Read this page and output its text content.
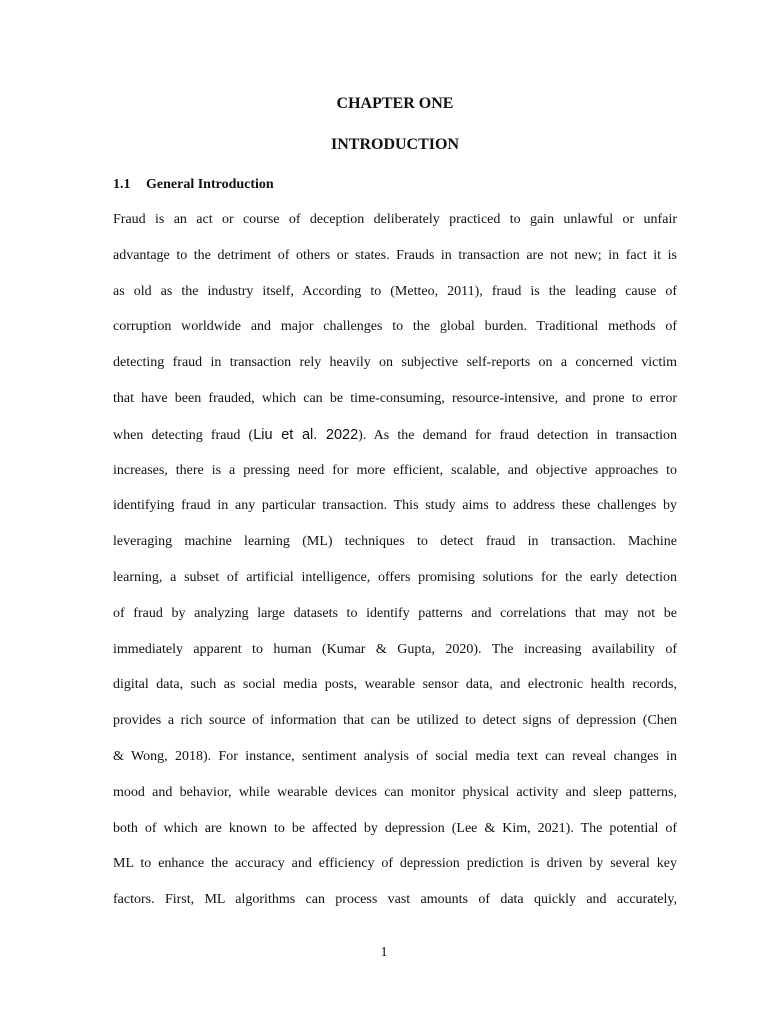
CHAPTER ONE
INTRODUCTION
1.1 General Introduction
Fraud is an act or course of deception deliberately practiced to gain unlawful or unfair
advantage to the detriment of others or states. Frauds in transaction are not new; in fact it is
as old as the industry itself, According to (Metteo, 2011), fraud is the leading cause of
corruption worldwide and major challenges to the global burden. Traditional methods of
detecting fraud in transaction rely heavily on subjective self-reports on a concerned victim
that have been frauded, which can be time-consuming, resource-intensive, and prone to error
when detecting fraud (Liu et al. 2022). As the demand for fraud detection in transaction
increases, there is a pressing need for more efficient, scalable, and objective approaches to
identifying fraud in any particular transaction. This study aims to address these challenges by
leveraging machine learning (ML) techniques to detect fraud in transaction. Machine
learning, a subset of artificial intelligence, offers promising solutions for the early detection
of fraud by analyzing large datasets to identify patterns and correlations that may not be
immediately apparent to human (Kumar & Gupta, 2020). The increasing availability of
digital data, such as social media posts, wearable sensor data, and electronic health records,
provides a rich source of information that can be utilized to detect signs of depression (Chen
& Wong, 2018). For instance, sentiment analysis of social media text can reveal changes in
mood and behavior, while wearable devices can monitor physical activity and sleep patterns,
both of which are known to be affected by depression (Lee & Kim, 2021). The potential of
ML to enhance the accuracy and efficiency of depression prediction is driven by several key
factors. First, ML algorithms can process vast amounts of data quickly and accurately,
1
